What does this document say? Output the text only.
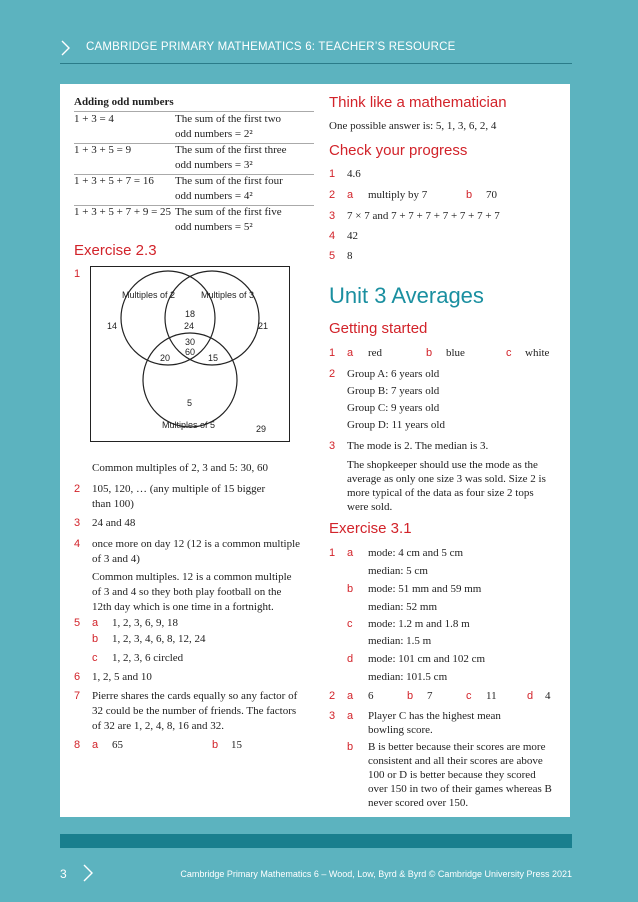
CAMBRIDGE PRIMARY MATHEMATICS 6: TEACHER’S RESOURCE
Adding odd numbers
1 + 3 = 4	The sum of the first two
odd numbers = 2²
1 + 3 + 5 = 9	The sum of the first three
odd numbers = 3²
1 + 3 + 5 + 7 = 16 The sum of the first four
odd numbers = 4²
1 + 3 + 5 + 7 + 9 = 25 The sum of the first five
odd numbers = 5²
Exercise 2.3
1
Multiples of 2	Multiples of 3
Multiples of 5
14
18
24	21
30
60
20	15
5
29
Common multiples of 2, 3 and 5: 30, 60
2 105, 120, … (any multiple of 15 bigger
than 100)
3 24 and 48
4 once more on day 12 (12 is a common multiple
of 3 and 4)
Common multiples. 12 is a common multiple
of 3 and 4 so they both play football on the
12th day which is one time in a fortnight.
5 a 1, 2, 3, 6, 9, 18
b 1, 2, 3, 4, 6, 8, 12, 24
c 1, 2, 3, 6 circled
6 1, 2, 5 and 10
7 Pierre shares the cards equally so any factor of
32 could be the number of friends. The factors
of 32 are 1, 2, 4, 8, 16 and 32.
8 a 65	b 15
Think like a mathematician
One possible answer is: 5, 1, 3, 6, 2, 4
Check your progress
1 4.6
2 a multiply by 7	b 70
3 7 × 7 and 7 + 7 + 7 + 7 + 7 + 7 + 7
4 42
5 8
Unit 3 Averages
Getting started
1 a red	b blue	c white
2 Group A: 6 years old
Group B: 7 years old
Group C: 9 years old
Group D: 11 years old
3 The mode is 2. The median is 3.
The shopkeeper should use the mode as the
average as only one size 3 was sold. Size 2 is
more typical of the data as four size 2 tops
were sold.
Exercise 3.1
1 a mode: 4 cm and 5 cm
median: 5 cm
b mode: 51 mm and 59 mm
median: 52 mm
c mode: 1.2 m and 1.8 m
median: 1.5 m
d mode: 101 cm and 102 cm
median: 101.5 cm
2 a 6	b 7	c 11	d 4
3 a Player C has the highest mean
bowling score.
b B is better because their scores are more
consistent and all their scores are above
100 or D is better because they scored
over 150 in two of their games whereas B
never scored over 150.
3	Cambridge Primary Mathematics 6 – Wood, Low, Byrd & Byrd © Cambridge University Press 2021
